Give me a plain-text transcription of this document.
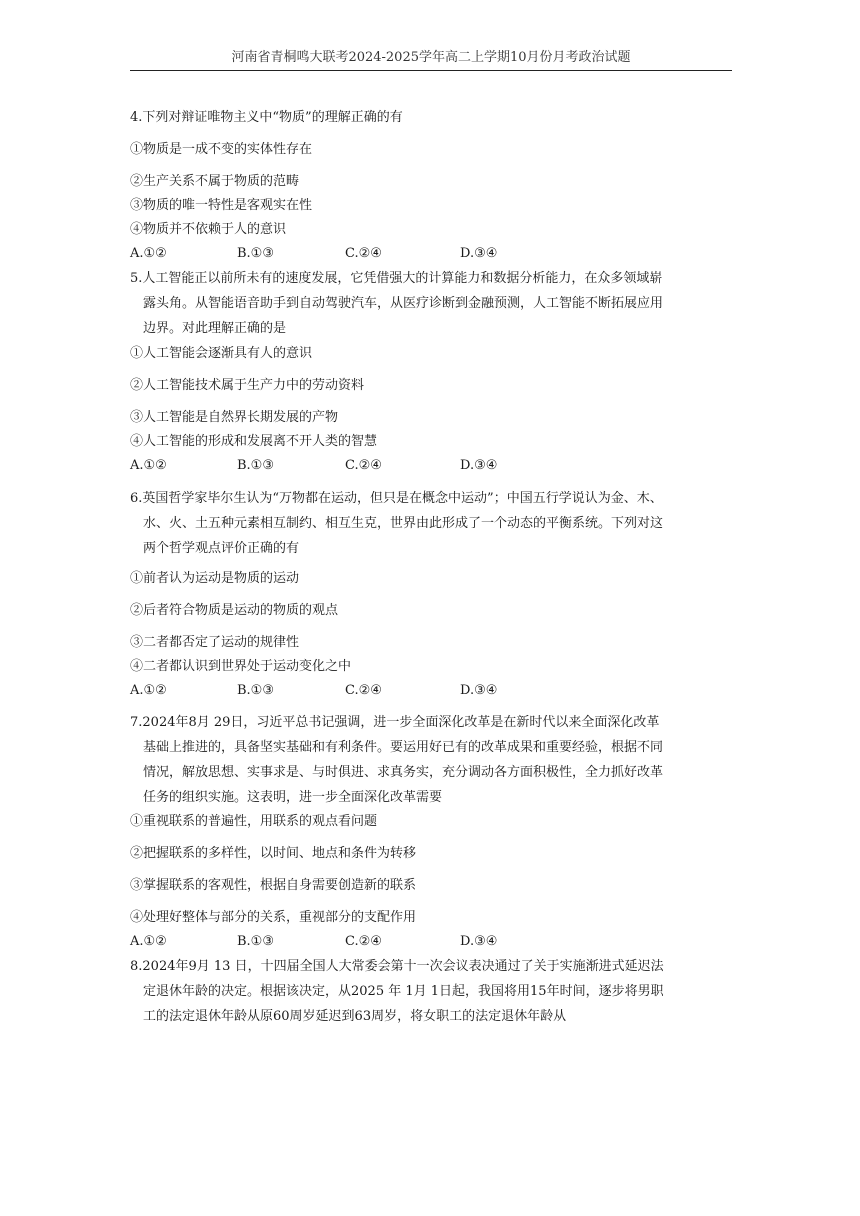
河南省青桐鸣大联考2024-2025学年高二上学期10月份月考政治试题
4.下列对辩证唯物主义中“物质”的理解正确的有
①物质是一成不变的实体性存在
②生产关系不属于物质的范畴
③物质的唯一特性是客观实在性
④物质并不依赖于人的意识
A.①②	B.①③	C.②④	D.③④
5.人工智能正以前所未有的速度发展，它凭借强大的计算能力和数据分析能力，在众多领域崭
露头角。从智能语音助手到自动驾驶汽车，从医疗诊断到金融预测，人工智能不断拓展应用
边界。对此理解正确的是
①人工智能会逐渐具有人的意识
②人工智能技术属于生产力中的劳动资料
③人工智能是自然界长期发展的产物
④人工智能的形成和发展离不开人类的智慧
A.①②	B.①③	C.②④	D.③④
6.英国哲学家毕尔生认为“万物都在运动，但只是在概念中运动”；中国五行学说认为金、木、
水、火、土五种元素相互制约、相互生克，世界由此形成了一个动态的平衡系统。下列对这
两个哲学观点评价正确的有
①前者认为运动是物质的运动
②后者符合物质是运动的物质的观点
③二者都否定了运动的规律性
④二者都认识到世界处于运动变化之中
A.①②	B.①③	C.②④	D.③④
7.2024年8月 29日，习近平总书记强调，进一步全面深化改革是在新时代以来全面深化改革
基础上推进的，具备坚实基础和有利条件。要运用好已有的改革成果和重要经验，根据不同
情况，解放思想、实事求是、与时俱进、求真务实，充分调动各方面积极性，全力抓好改革
任务的组织实施。这表明，进一步全面深化改革需要
①重视联系的普遍性，用联系的观点看问题
②把握联系的多样性，以时间、地点和条件为转移
③掌握联系的客观性，根据自身需要创造新的联系
④处理好整体与部分的关系，重视部分的支配作用
A.①②	B.①③	C.②④	D.③④
8.2024年9月 13 日，十四届全国人大常委会第十一次会议表决通过了关于实施渐进式延迟法
定退休年龄的决定。根据该决定，从2025 年 1月 1日起，我国将用15年时间，逐步将男职
工的法定退休年龄从原60周岁延迟到63周岁，将女职工的法定退休年龄从
